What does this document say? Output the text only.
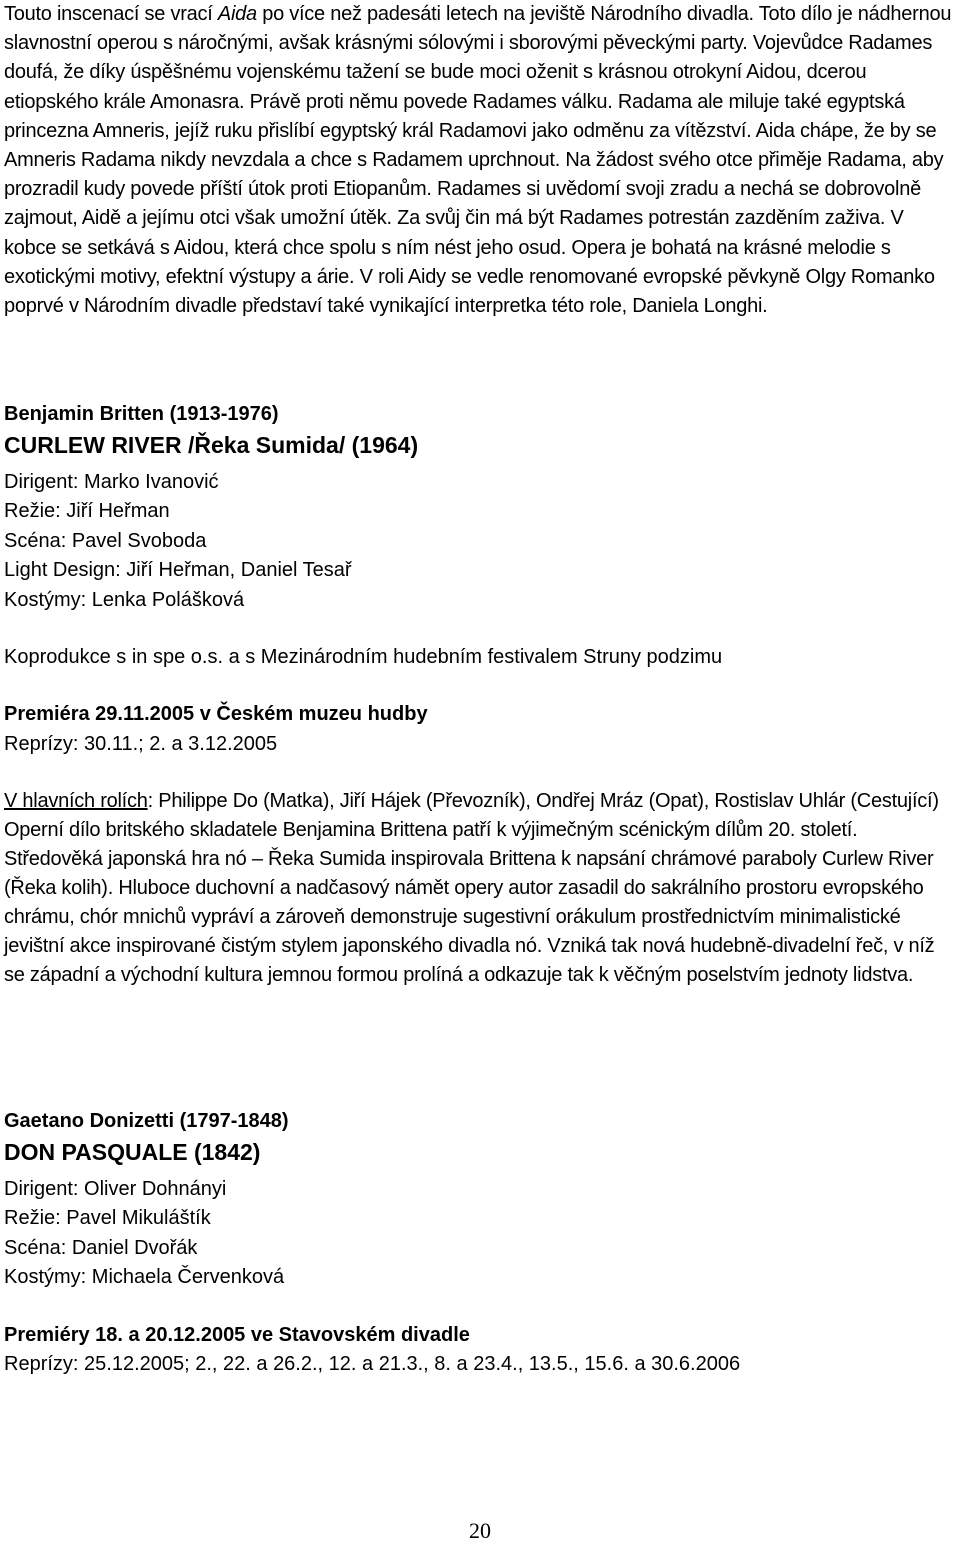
Touto inscenací se vrací Aida po více než padesáti letech na jeviště Národního divadla. Toto dílo je nádhernou slavnostní operou s náročnými, avšak krásnými sólovými i sborovými pěveckými party. Vojevůdce Radames doufá, že díky úspěšnému vojenskému tažení se bude moci oženit s krásnou otrokyní Aidou, dcerou etiopského krále Amonasra. Právě proti němu povede Radames válku. Radama ale miluje také egyptská princezna Amneris, jejíž ruku přislíbí egyptský král Radamovi jako odměnu za vítězství. Aida chápe, že by se Amneris Radama nikdy nevzdala a chce s Radamem uprchnout. Na žádost svého otce přiměje Radama, aby prozradil kudy povede příští útok proti Etiopanům. Radames si uvědomí svoji zradu a nechá se dobrovolně zajmout, Aidě a jejímu otci však umožní útěk. Za svůj čin má být Radames potrestán zazděním zaživa. V kobce se setkává s Aidou, která chce spolu s ním nést jeho osud. Opera je bohatá na krásné melodie s exotickými motivy, efektní výstupy a árie. V roli Aidy se vedle renomované evropské pěvkyně Olgy Romanko poprvé v Národním divadle představí také vynikající interpretka této role, Daniela Longhi.

Benjamin Britten (1913-1976)

CURLEW RIVER /Řeka Sumida/ (1964)

Dirigent: Marko Ivanović

Režie: Jiří Heřman

Scéna: Pavel Svoboda

Light Design: Jiří Heřman, Daniel Tesař

Kostýmy: Lenka Polášková

Koprodukce s in spe o.s. a s Mezinárodním hudebním festivalem Struny podzimu

Premiéra 29.11.2005 v Českém muzeu hudby

Reprízy: 30.11.; 2. a 3.12.2005

V hlavních rolích: Philippe Do (Matka), Jiří Hájek (Převozník), Ondřej Mráz (Opat), Rostislav Uhlár (Cestující)

Operní dílo britského skladatele Benjamina Brittena patří k výjimečným scénickým dílům 20. století. Středověká japonská hra nó – Řeka Sumida inspirovala Brittena k napsání chrámové paraboly Curlew River (Řeka kolih). Hluboce duchovní a nadčasový námět opery autor zasadil do sakrálního prostoru evropského chrámu, chór mnichů vypráví a zároveň demonstruje sugestivní orákulum prostřednictvím minimalistické jevištní akce inspirované čistým stylem japonského divadla nó. Vzniká tak nová hudebně-divadelní řeč, v níž se západní a východní kultura jemnou formou prolíná a odkazuje tak k věčným poselstvím jednoty lidstva.

Gaetano Donizetti (1797-1848)

DON PASQUALE (1842)

Dirigent: Oliver Dohnányi

Režie: Pavel Mikuláštík

Scéna: Daniel Dvořák

Kostýmy: Michaela Červenková

Premiéry 18. a 20.12.2005 ve Stavovském divadle

Reprízy: 25.12.2005; 2., 22. a 26.2., 12. a 21.3., 8. a 23.4., 13.5., 15.6. a 30.6.2006

20
